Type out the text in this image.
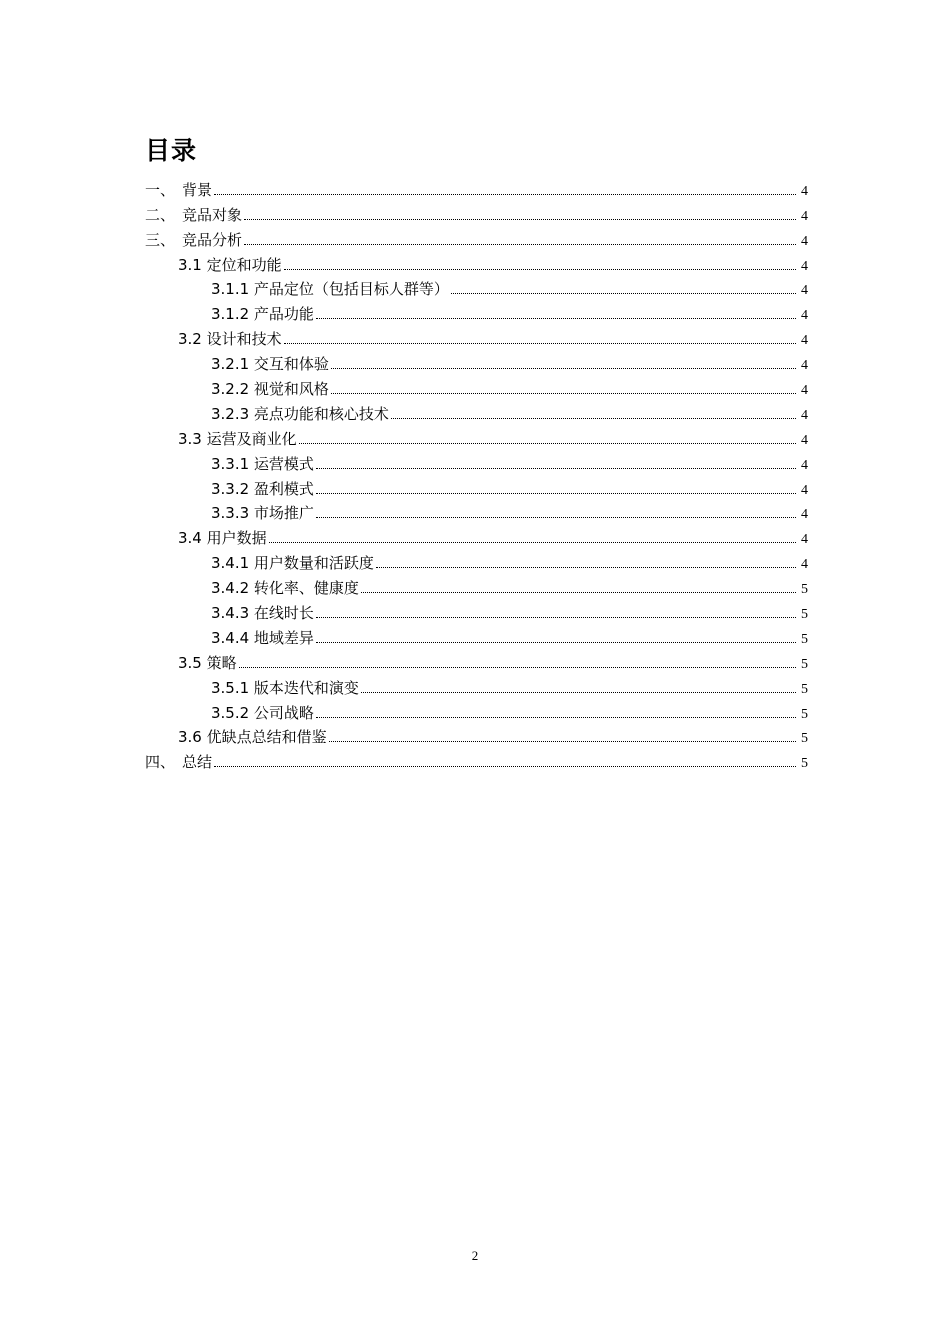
目录
一、 背景	4
二、 竞品对象	4
三、 竞品分析	4
3.1 定位和功能	4
3.1.1 产品定位（包括目标人群等）	4
3.1.2 产品功能	4
3.2 设计和技术	4
3.2.1 交互和体验	4
3.2.2 视觉和风格	4
3.2.3 亮点功能和核心技术	4
3.3 运营及商业化	4
3.3.1 运营模式	4
3.3.2 盈利模式	4
3.3.3 市场推广	4
3.4 用户数据	4
3.4.1 用户数量和活跃度	4
3.4.2 转化率、健康度	5
3.4.3 在线时长	5
3.4.4 地域差异	5
3.5 策略	5
3.5.1 版本迭代和演变	5
3.5.2 公司战略	5
3.6 优缺点总结和借鉴	5
四、 总结	5
2
